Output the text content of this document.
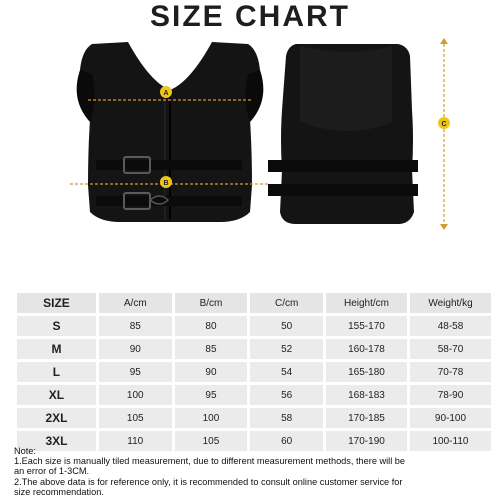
SIZE CHART
A
B
C
SIZE	A/cm	B/cm	C/cm	Height/cm	Weight/kg
S	85	80	50	155-170	48-58
M	90	85	52	160-178	58-70
L	95	90	54	165-180	70-78
XL	100	95	56	168-183	78-90
2XL	105	100	58	170-185	90-100
3XL	110	105	60	170-190	100-110
Note:
1.Each size is manually tiled measurement, due to different measurement methods, there will be
an error of 1-3CM.
2.The above data is for reference only, it is recommended to consult online customer service for
size recommendation.
